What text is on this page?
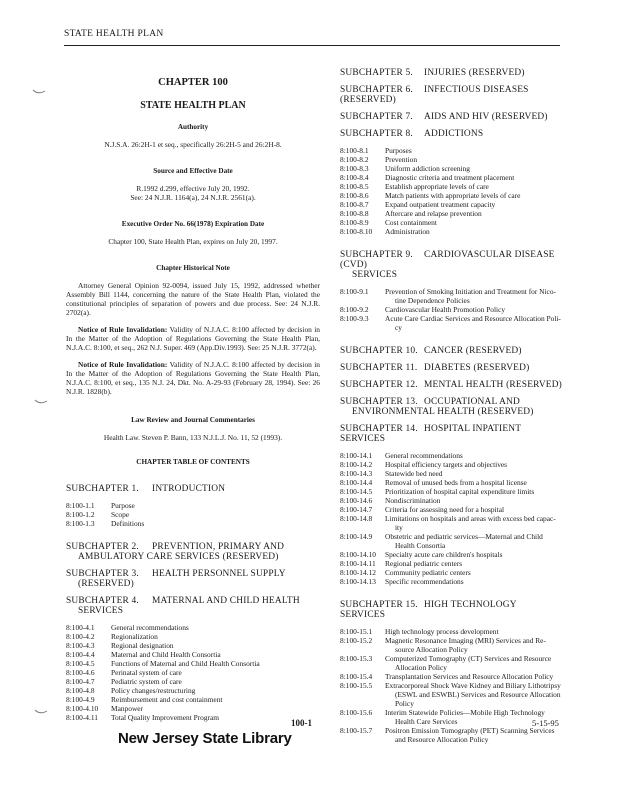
STATE HEALTH PLAN
CHAPTER 100
STATE HEALTH PLAN
Authority
N.J.S.A. 26:2H-1 et seq., specifically 26:2H-5 and 26:2H-8.
Source and Effective Date
R.1992 d.299, effective July 20, 1992.
See: 24 N.J.R. 1164(a), 24 N.J.R. 2561(a).
Executive Order No. 66(1978) Expiration Date
Chapter 100, State Health Plan, expires on July 20, 1997.
Chapter Historical Note
Attorney General Opinion 92-0094, issued July 15, 1992, addressed whether Assembly Bill 1144, concerning the nature of the State Health Plan, violated the constitutional principles of separation of powers and due process. See: 24 N.J.R. 2702(a).
Notice of Rule Invalidation: Validity of N.J.A.C. 8:100 affected by decision in In the Matter of the Adoption of Regulations Governing the State Health Plan, N.J.A.C. 8:100, et seq., 262 N.J. Super. 469 (App.Div.1993). See: 25 N.J.R. 3772(a).
Notice of Rule Invalidation: Validity of N.J.A.C. 8:100 affected by decision in In the Matter of the Adoption of Regulations Governing the State Health Plan, N.J.A.C. 8:100, et seq., 135 N.J. 24, Dkt. No. A-29-93 (February 28, 1994). See: 26 N.J.R. 1828(b).
Law Review and Journal Commentaries
Health Law. Steven P. Bann, 133 N.J.L.J. No. 11, 52 (1993).
CHAPTER TABLE OF CONTENTS
SUBCHAPTER 1. INTRODUCTION
8:100-1.1	Purpose
8:100-1.2	Scope
8:100-1.3	Definitions
SUBCHAPTER 2. PREVENTION, PRIMARY AND
AMBULATORY CARE SERVICES (RESERVED)
SUBCHAPTER 3. HEALTH PERSONNEL SUPPLY
(RESERVED)
SUBCHAPTER 4. MATERNAL AND CHILD HEALTH
SERVICES
8:100-4.1	General recommendations
8:100-4.2	Regionalization
8:100-4.3	Regional designation
8:100-4.4	Maternal and Child Health Consortia
8:100-4.5	Functions of Maternal and Child Health Consortia
8:100-4.6	Perinatal system of care
8:100-4.7	Pediatric system of care
8:100-4.8	Policy changes/restructuring
8:100-4.9	Reimbursement and cost containment
8:100-4.10	Manpower
8:100-4.11	Total Quality Improvement Program
SUBCHAPTER 5. INJURIES (RESERVED)
SUBCHAPTER 6. INFECTIOUS DISEASES (RESERVED)
SUBCHAPTER 7. AIDS AND HIV (RESERVED)
SUBCHAPTER 8. ADDICTIONS
8:100-8.1	Purposes
8:100-8.2	Prevention
8:100-8.3	Uniform addiction screening
8:100-8.4	Diagnostic criteria and treatment placement
8:100-8.5	Establish appropriate levels of care
8:100-8.6	Match patients with appropriate levels of care
8:100-8.7	Expand outpatient treatment capacity
8:100-8.8	Aftercare and relapse prevention
8:100-8.9	Cost containment
8:100-8.10	Administration
SUBCHAPTER 9. CARDIOVASCULAR DISEASE (CVD)
SERVICES
8:100-9.1	Prevention of Smoking Initiation and Treatment for Nico-
tine Dependence Policies
8:100-9.2	Cardiovascular Health Promotion Policy
8:100-9.3	Acute Care Cardiac Services and Resource Allocation Poli-
cy
SUBCHAPTER 10. CANCER (RESERVED)
SUBCHAPTER 11. DIABETES (RESERVED)
SUBCHAPTER 12. MENTAL HEALTH (RESERVED)
SUBCHAPTER 13. OCCUPATIONAL AND
ENVIRONMENTAL HEALTH (RESERVED)
SUBCHAPTER 14. HOSPITAL INPATIENT SERVICES
8:100-14.1	General recommendations
8:100-14.2	Hospital efficiency targets and objectives
8:100-14.3	Statewide bed need
8:100-14.4	Removal of unused beds from a hospital license
8:100-14.5	Prioritization of hospital capital expenditure limits
8:100-14.6	Nondiscrimination
8:100-14.7	Criteria for assessing need for a hospital
8:100-14.8	Limitations on hospitals and areas with excess bed capac-
ity
8:100-14.9	Obstetric and pediatric services—Maternal and Child
Health Consortia
8:100-14.10	Specialty acute care children's hospitals
8:100-14.11	Regional pediatric centers
8:100-14.12	Community pediatric centers
8:100-14.13	Specific recommendations
SUBCHAPTER 15. HIGH TECHNOLOGY SERVICES
8:100-15.1	High technology process development
8:100-15.2	Magnetic Resonance Imaging (MRI) Services and Re-
source Allocation Policy
8:100-15.3	Computerized Tomography (CT) Services and Resource
Allocation Policy
8:100-15.4	Transplantation Services and Resource Allocation Policy
8:100-15.5	Extracorporeal Shock Wave Kidney and Biliary Lithotripsy
(ESWL and ESWBL) Services and Resource Allocation Policy
8:100-15.6	Interim Statewide Policies—Mobile High Technology
Health Care Services
8:100-15.7	Positron Emission Tomography (PET) Scanning Services
and Resource Allocation Policy
100-1	5-15-95
New Jersey State Library
